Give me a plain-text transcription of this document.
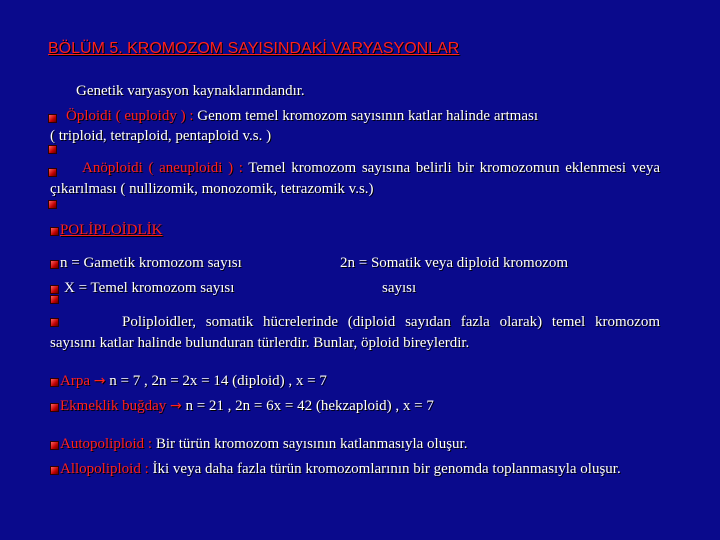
BÖLÜM 5. KROMOZOM SAYISINDAKİ VARYASYONLAR
Genetik varyasyon kaynaklarındandır.
Öploidi ( euploidy ) : Genom temel kromozom sayısının katlar halinde artması
( triploid, tetraploid, pentaploid v.s. )
Anöploidi ( aneuploidi ) : Temel kromozom sayısına belirli bir kromozomun eklenmesi veya çıkarılması ( nullizomik, monozomik, tetrazomik v.s.)
POLİPLOİDLİK
n = Gametik kromozom sayısı	2n = Somatik veya diploid kromozom
X = Temel kromozom sayısı	sayısı
Poliploidler, somatik hücrelerinde (diploid sayıdan fazla olarak) temel kromozom sayısını katlar halinde bulunduran türlerdir. Bunlar, öploid bireylerdir.
Arpa → n = 7 , 2n = 2x = 14 (diploid) , x = 7
Ekmeklik buğday → n = 21 , 2n = 6x = 42 (hekzaploid) , x = 7
Autopoliploid : Bir türün kromozom sayısının katlanmasıyla oluşur.
Allopoliploid : İki veya daha fazla türün kromozomlarının bir genomda toplanmasıyla oluşur.
